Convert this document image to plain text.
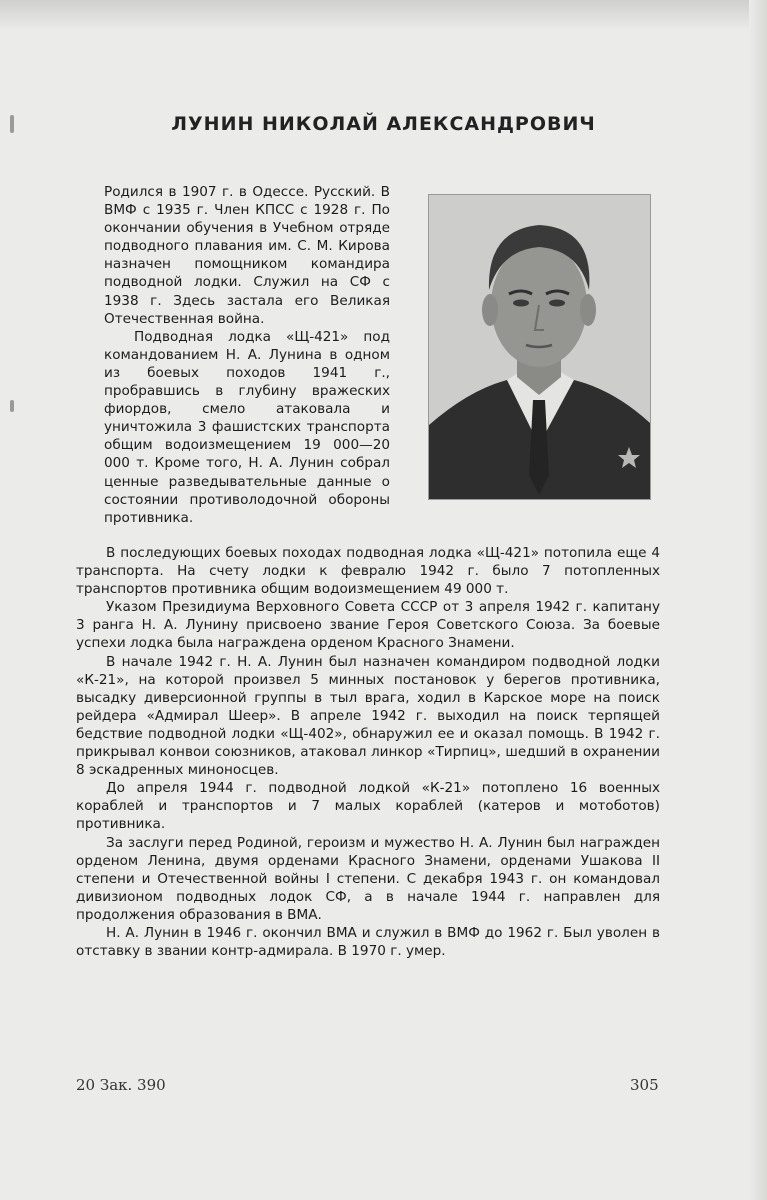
ЛУНИН НИКОЛАЙ АЛЕКСАНДРОВИЧ

Родился в 1907 г. в Одессе. Русский. В ВМФ с 1935 г. Член КПСС с 1928 г. По окончании обучения в Учебном отряде подводного плавания им. С. М. Кирова назначен помощником командира подводной лодки. Служил на СФ с 1938 г. Здесь застала его Великая Отечественная война.

Подводная лодка «Щ-421» под командованием Н. А. Лунина в одном из боевых походов 1941 г., пробравшись в глубину вражеских фиордов, смело атаковала и уничтожила 3 фашистских транспорта общим водоизмещением 19 000—20 000 т. Кроме того, Н. А. Лунин собрал ценные разведывательные данные о состоянии противолодочной обороны противника.

В последующих боевых походах подводная лодка «Щ-421» потопила еще 4 транспорта. На счету лодки к февралю 1942 г. было 7 потопленных транспортов противника общим водоизмещением 49 000 т.

Указом Президиума Верховного Совета СССР от 3 апреля 1942 г. капитану 3 ранга Н. А. Лунину присвоено звание Героя Советского Союза. За боевые успехи лодка была награждена орденом Красного Знамени.

В начале 1942 г. Н. А. Лунин был назначен командиром подводной лодки «К-21», на которой произвел 5 минных постановок у берегов противника, высадку диверсионной группы в тыл врага, ходил в Карское море на поиск рейдера «Адмирал Шеер». В апреле 1942 г. выходил на поиск терпящей бедствие подводной лодки «Щ-402», обнаружил ее и оказал помощь. В 1942 г. прикрывал конвои союзников, атаковал линкор «Тирпиц», шедший в охранении 8 эскадренных миноносцев.

До апреля 1944 г. подводной лодкой «К-21» потоплено 16 военных кораблей и транспортов и 7 малых кораблей (катеров и мотоботов) противника.

За заслуги перед Родиной, героизм и мужество Н. А. Лунин был награжден орденом Ленина, двумя орденами Красного Знамени, орденами Ушакова II степени и Отечественной войны I степени. С декабря 1943 г. он командовал дивизионом подводных лодок СФ, а в начале 1944 г. направлен для продолжения образования в ВМА.

Н. А. Лунин в 1946 г. окончил ВМА и служил в ВМФ до 1962 г. Был уволен в отставку в звании контр-адмирала. В 1970 г. умер.

20 Зак. 390	305
